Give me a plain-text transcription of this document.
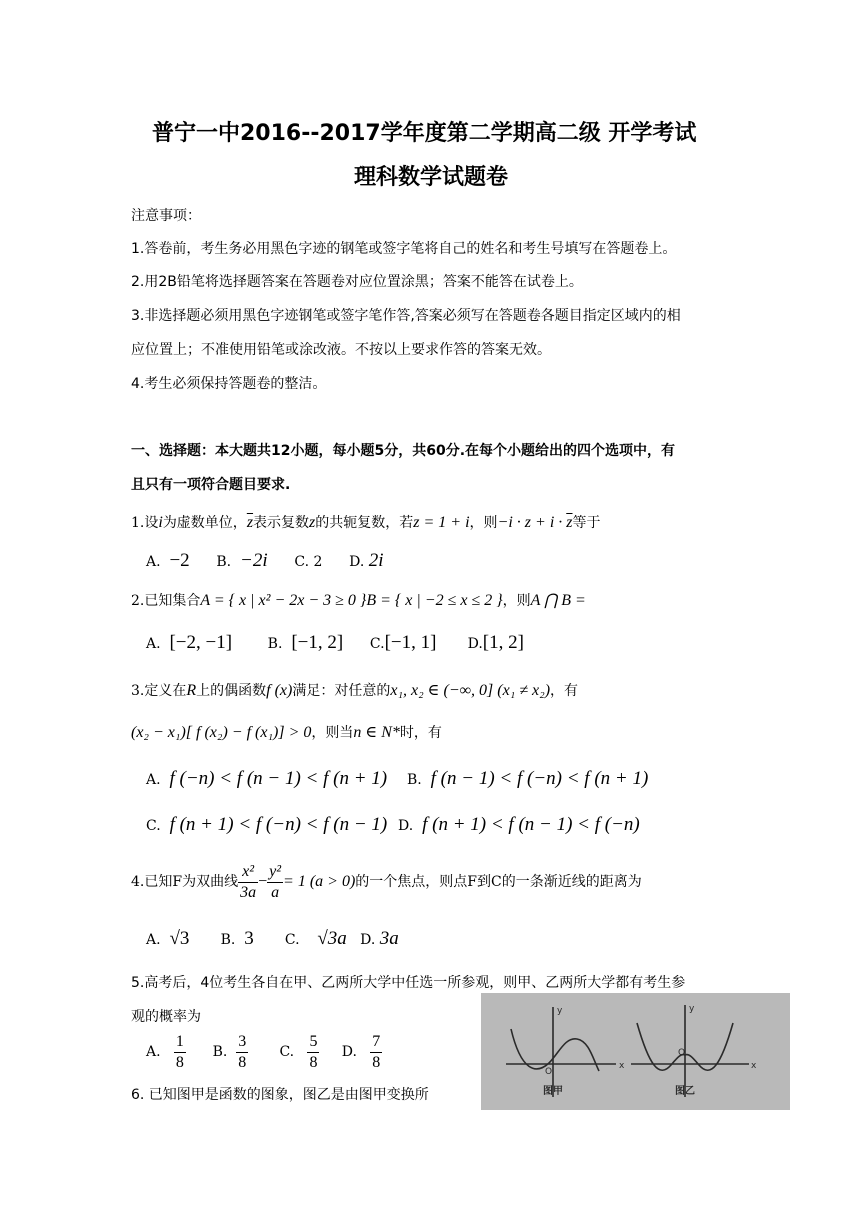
普宁一中2016--2017学年度第二学期高二级 开学考试
理科数学试题卷
注意事项：
1.答卷前，考生务必用黑色字迹的钢笔或签字笔将自己的姓名和考生号填写在答题卷上。
2.用2B铅笔将选择题答案在答题卷对应位置涂黑；答案不能答在试卷上。
3.非选择题必须用黑色字迹钢笔或签字笔作答,答案必须写在答题卷各题目指定区域内的相
应位置上；不准使用铅笔或涂改液。不按以上要求作答的答案无效。
4.考生必须保持答题卷的整洁。
一、选择题：本大题共12小题，每小题5分，共60分.在每个小题给出的四个选项中，有
且只有一项符合题目要求.
1.设i为虚数单位，$\overline{z}$表示复数z的共轭复数，若z = 1 + i，则$-i \cdot z + i \cdot \overline{z}$等于
A. −2 B. −2i C. 2 D. 2i
2.已知集合A = { x | x² − 2x − 3 ≥ 0 }B = { x | −2 ≤ x ≤ 2 }，则A ⋂ B =
A. [−2, −1]	B. [−1, 2] C.[−1, 1] D.[1, 2]
3.定义在R上的偶函数f (x)满足：对任意的x₁, x₂ ∈ (−∞, 0] (x₁ ≠ x₂)，有
(x₂ − x₁)[ f (x₂) − f (x₁)] > 0，则当n ∈ N*时，有
A. f (−n) < f (n − 1) < f (n + 1) B. f (n − 1) < f (−n) < f (n + 1)
C. f (n + 1) < f (−n) < f (n − 1) D. f (n + 1) < f (n − 1) < f (−n)
4.已知F为双曲线 $\frac{\text{x²}}{3a} - \frac{\text{y²}}{a} = 1$ (a > 0)的一个焦点，则点F到C的一条渐近线的距离为
A. √3 B. 3 C. √3a D. 3a
5.高考后，4位考生各自在甲、乙两所大学中任选一所参观，则甲、乙两所大学都有考生参
观的概率为
A. $\frac{1}{8} B$. $\frac{3}{8} C$. $\frac{5}{8} D$. $\frac{7}{8}$
6. 已知图甲是函数的图象，图乙是由图甲变换所
y
x
O
y
x
O
图甲	图乙
